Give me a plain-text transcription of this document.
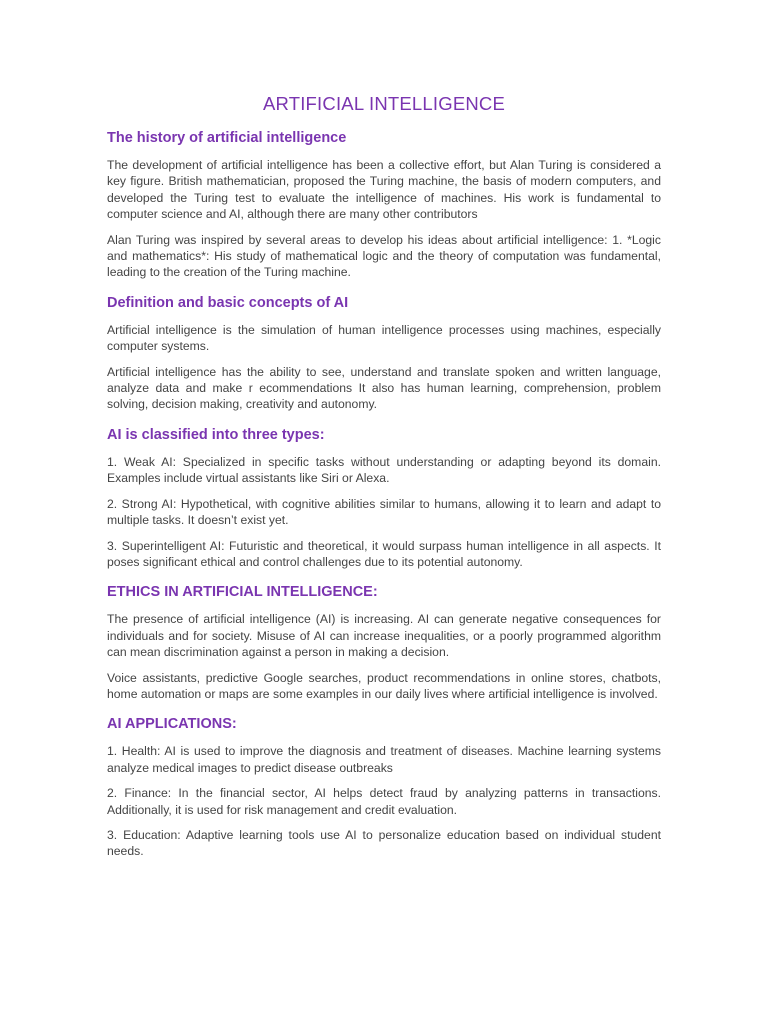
ARTIFICIAL INTELLIGENCE
The history of artificial intelligence

The development of artificial intelligence has been a collective effort, but Alan Turing is considered a key figure. British mathematician, proposed the Turing machine, the basis of modern computers, and developed the Turing test to evaluate the intelligence of machines. His work is fundamental to computer science and AI, although there are many other contributors

Alan Turing was inspired by several areas to develop his ideas about artificial intelligence: 1. *Logic and mathematics*: His study of mathematical logic and the theory of computation was fundamental, leading to the creation of the Turing machine.

Definition and basic concepts of AI

Artificial intelligence is the simulation of human intelligence processes using machines, especially computer systems.

Artificial intelligence has the ability to see, understand and translate spoken and written language, analyze data and make r ecommendations It also has human learning, comprehension, problem solving, decision making, creativity and autonomy.

AI is classified into three types:

1. Weak AI: Specialized in specific tasks without understanding or adapting beyond its domain. Examples include virtual assistants like Siri or Alexa.

2. Strong AI: Hypothetical, with cognitive abilities similar to humans, allowing it to learn and adapt to multiple tasks. It doesn’t exist yet.

3. Superintelligent AI: Futuristic and theoretical, it would surpass human intelligence in all aspects. It poses significant ethical and control challenges due to its potential autonomy.

ETHICS IN ARTIFICIAL INTELLIGENCE:

The presence of artificial intelligence (AI) is increasing. AI can generate negative consequences for individuals and for society. Misuse of AI can increase inequalities, or a poorly programmed algorithm can mean discrimination against a person in making a decision.

Voice assistants, predictive Google searches, product recommendations in online stores, chatbots, home automation or maps are some examples in our daily lives where artificial intelligence is involved.

AI APPLICATIONS:

1. Health: AI is used to improve the diagnosis and treatment of diseases. Machine learning systems analyze medical images to predict disease outbreaks

2. Finance: In the financial sector, AI helps detect fraud by analyzing patterns in transactions. Additionally, it is used for risk management and credit evaluation.

3. Education: Adaptive learning tools use AI to personalize education based on individual student needs.
